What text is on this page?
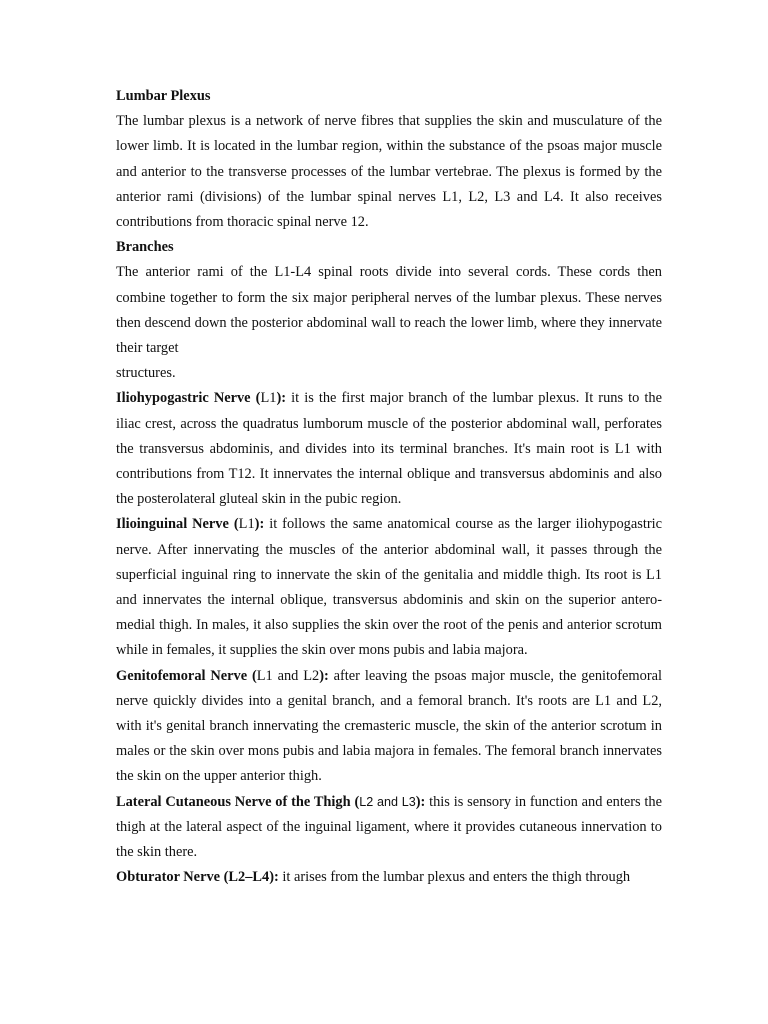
Lumbar Plexus

The lumbar plexus is a network of nerve fibres that supplies the skin and musculature of the lower limb. It is located in the lumbar region, within the substance of the psoas major muscle and anterior to the transverse processes of the lumbar vertebrae. The plexus is formed by the anterior rami (divisions) of the lumbar spinal nerves L1, L2, L3 and L4. It also receives contributions from thoracic spinal nerve 12.

Branches

The anterior rami of the L1-L4 spinal roots divide into several cords. These cords then combine together to form the six major peripheral nerves of the lumbar plexus. These nerves then descend down the posterior abdominal wall to reach the lower limb, where they innervate their target

structures.

Iliohypogastric Nerve (L1): it is the first major branch of the lumbar plexus. It runs to the iliac crest, across the quadratus lumborum muscle of the posterior abdominal wall, perforates the transversus abdominis, and divides into its terminal branches. It's main root is L1 with contributions from T12. It innervates the internal oblique and transversus abdominis and also the posterolateral gluteal skin in the pubic region.

Ilioinguinal Nerve (L1): it follows the same anatomical course as the larger iliohypogastric nerve. After innervating the muscles of the anterior abdominal wall, it passes through the superficial inguinal ring to innervate the skin of the genitalia and middle thigh. Its root is L1 and innervates the internal oblique, transversus abdominis and skin on the superior antero-medial thigh. In males, it also supplies the skin over the root of the penis and anterior scrotum while in females, it supplies the skin over mons pubis and labia majora.

Genitofemoral Nerve (L1 and L2): after leaving the psoas major muscle, the genitofemoral nerve quickly divides into a genital branch, and a femoral branch. It's roots are L1 and L2, with it's genital branch innervating the cremasteric muscle, the skin of the anterior scrotum in males or the skin over mons pubis and labia majora in females. The femoral branch innervates the skin on the upper anterior thigh.

Lateral Cutaneous Nerve of the Thigh (L2 and L3): this is sensory in function and enters the thigh at the lateral aspect of the inguinal ligament, where it provides cutaneous innervation to the skin there.

Obturator Nerve (L2–L4): it arises from the lumbar plexus and enters the thigh through
